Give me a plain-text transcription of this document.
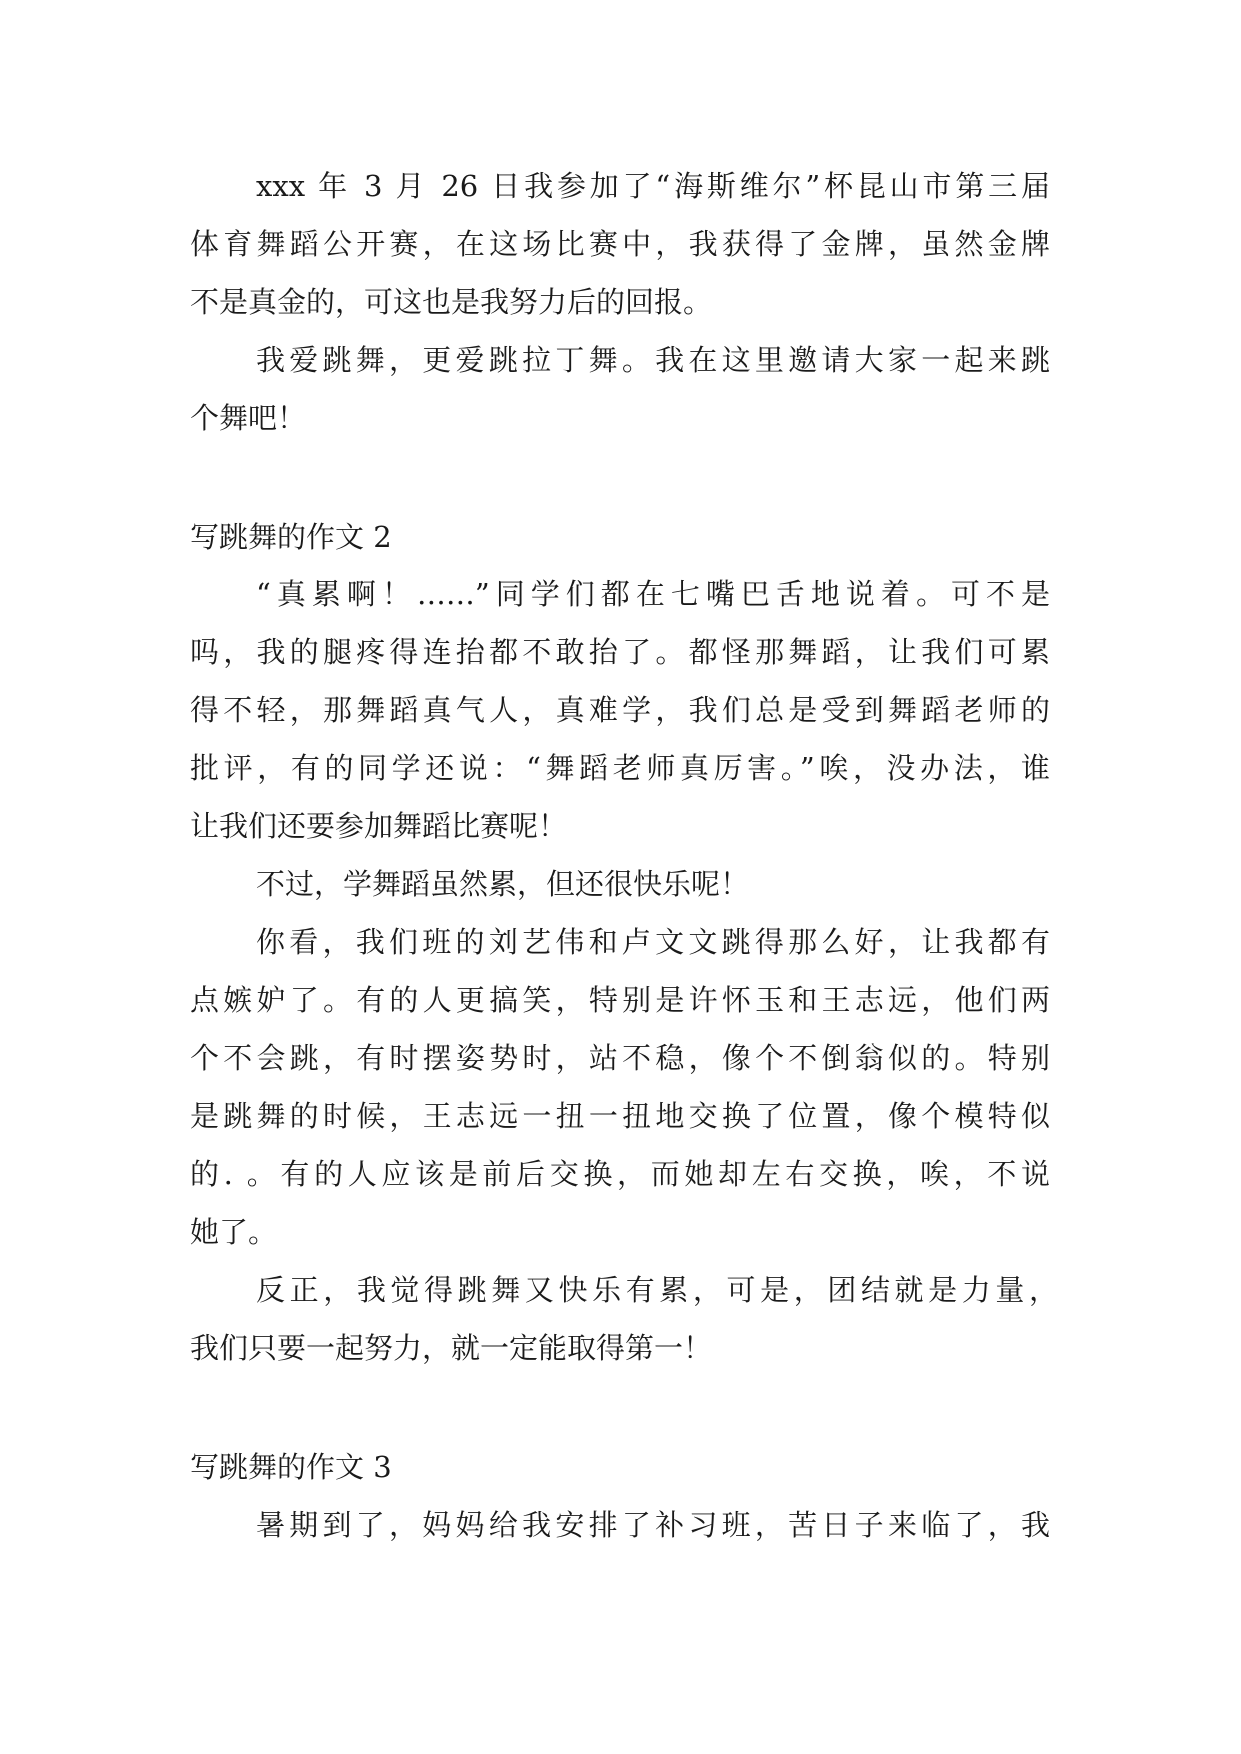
xxx 年 3 月 26 日我参加了“海斯维尔”杯昆山市第三届
体育舞蹈公开赛，在这场比赛中，我获得了金牌，虽然金牌
不是真金的，可这也是我努力后的回报。
我爱跳舞，更爱跳拉丁舞。我在这里邀请大家一起来跳
个舞吧！
写跳舞的作文 2
“真累啊！……”同学们都在七嘴巴舌地说着。可不是
吗，我的腿疼得连抬都不敢抬了。都怪那舞蹈，让我们可累
得不轻，那舞蹈真气人，真难学，我们总是受到舞蹈老师的
批评，有的同学还说：“舞蹈老师真厉害。”唉，没办法，谁
让我们还要参加舞蹈比赛呢！
不过，学舞蹈虽然累，但还很快乐呢！
你看，我们班的刘艺伟和卢文文跳得那么好，让我都有
点嫉妒了。有的人更搞笑，特别是许怀玉和王志远，他们两
个不会跳，有时摆姿势时，站不稳，像个不倒翁似的。特别
是跳舞的时候，王志远一扭一扭地交换了位置，像个模特似
的. 。有的人应该是前后交换，而她却左右交换，唉，不说
她了。
反正，我觉得跳舞又快乐有累，可是，团结就是力量，
我们只要一起努力，就一定能取得第一！
写跳舞的作文 3
暑期到了，妈妈给我安排了补习班，苦日子来临了，我
